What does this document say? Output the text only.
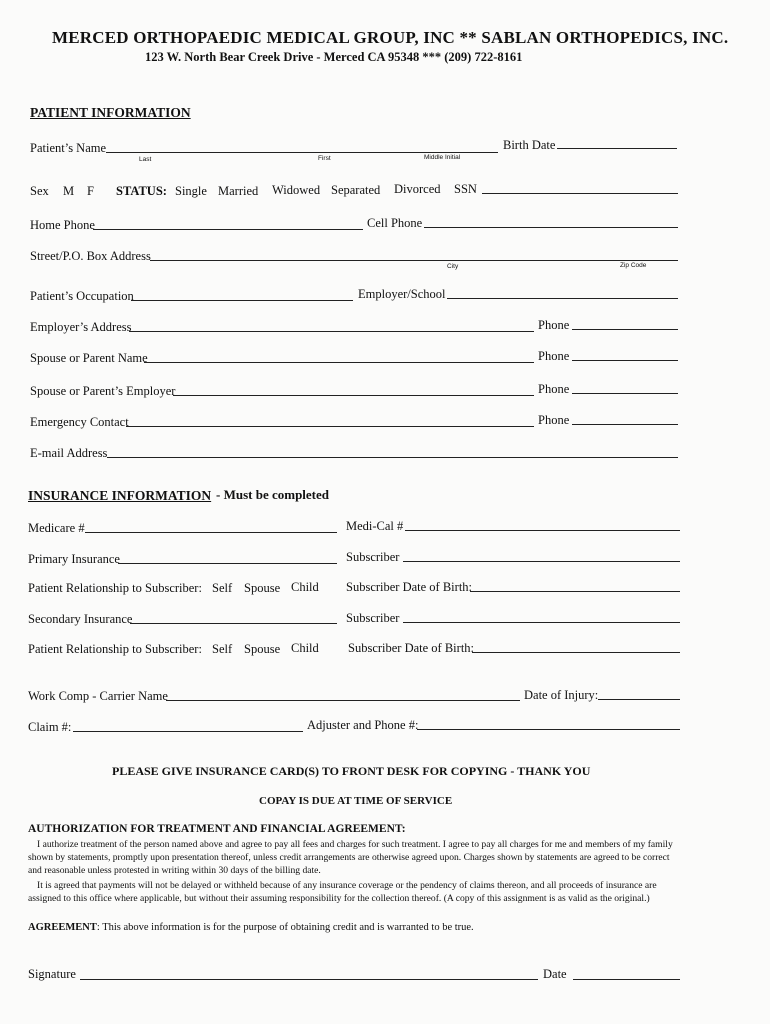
MERCED ORTHOPAEDIC MEDICAL GROUP, INC ** SABLAN ORTHOPEDICS, INC.
123 W. North Bear Creek Drive - Merced CA 95348 *** (209) 722-8161
PATIENT INFORMATION
Patient’s Name
Last	First	Middle Initial
Birth Date
Sex M F STATUS: Single Married Widowed Separated Divorced SSN
Home Phone	Cell Phone
Street/P.O. Box Address
City	Zip Code
Patient’s Occupation	Employer/School
Employer’s Address	Phone
Spouse or Parent Name	Phone
Spouse or Parent’s Employer	Phone
Emergency Contact	Phone
E-mail Address
INSURANCE INFORMATION - Must be completed
Medicare #	Medi-Cal #
Primary Insurance	Subscriber
Patient Relationship to Subscriber: Self Spouse Child Subscriber Date of Birth:
Secondary Insurance	Subscriber
Patient Relationship to Subscriber: Self Spouse Child Subscriber Date of Birth:
Work Comp - Carrier Name	Date of Injury:
Claim #:	Adjuster and Phone #:
PLEASE GIVE INSURANCE CARD(S) TO FRONT DESK FOR COPYING - THANK YOU
COPAY IS DUE AT TIME OF SERVICE
AUTHORIZATION FOR TREATMENT AND FINANCIAL AGREEMENT:
I authorize treatment of the person named above and agree to pay all fees and charges for such treatment. I agree to pay all charges for me and members of my family shown by statements, promptly upon presentation thereof, unless credit arrangements are otherwise agreed upon. Charges shown by statements are agreed to be correct and reasonable unless protested in writing within 30 days of the billing date.
It is agreed that payments will not be delayed or withheld because of any insurance coverage or the pendency of claims thereon, and all proceeds of insurance are assigned to this office where applicable, but without their assuming responsibility for the collection thereof. (A copy of this assignment is as valid as the original.)
AGREEMENT: This above information is for the purpose of obtaining credit and is warranted to be true.
Signature	Date
